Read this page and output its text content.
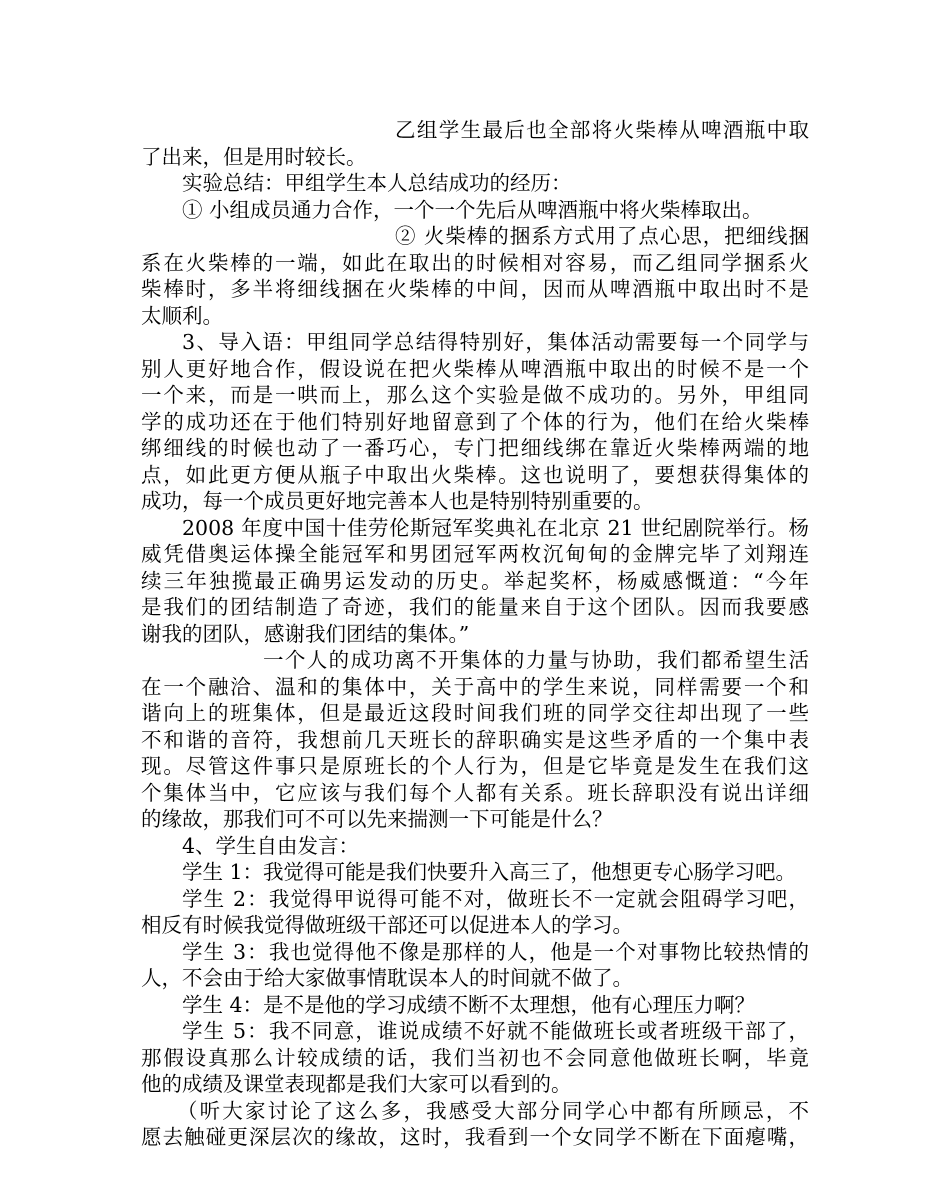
乙组学生最后也全部将火柴棒从啤酒瓶中取
了出来，但是用时较长。
实验总结：甲组学生本人总结成功的经历：
① 小组成员通力合作，一个一个先后从啤酒瓶中将火柴棒取出。
② 火柴棒的捆系方式用了点心思，把细线捆
系在火柴棒的一端，如此在取出的时候相对容易，而乙组同学捆系火
柴棒时，多半将细线捆在火柴棒的中间，因而从啤酒瓶中取出时不是
太顺利。
3、导入语：甲组同学总结得特别好，集体活动需要每一个同学与
别人更好地合作，假设说在把火柴棒从啤酒瓶中取出的时候不是一个
一个来，而是一哄而上，那么这个实验是做不成功的。另外，甲组同
学的成功还在于他们特别好地留意到了个体的行为，他们在给火柴棒
绑细线的时候也动了一番巧心，专门把细线绑在靠近火柴棒两端的地
点，如此更方便从瓶子中取出火柴棒。这也说明了，要想获得集体的
成功，每一个成员更好地完善本人也是特别特别重要的。
2008 年度中国十佳劳伦斯冠军奖典礼在北京 21 世纪剧院举行。杨
威凭借奥运体操全能冠军和男团冠军两枚沉甸甸的金牌完毕了刘翔连
续三年独揽最正确男运发动的历史。举起奖杯，杨威感慨道：“今年
是我们的团结制造了奇迹，我们的能量来自于这个团队。因而我要感
谢我的团队，感谢我们团结的集体。”
一个人的成功离不开集体的力量与协助，我们都希望生活
在一个融洽、温和的集体中，关于高中的学生来说，同样需要一个和
谐向上的班集体，但是最近这段时间我们班的同学交往却出现了一些
不和谐的音符，我想前几天班长的辞职确实是这些矛盾的一个集中表
现。尽管这件事只是原班长的个人行为，但是它毕竟是发生在我们这
个集体当中，它应该与我们每个人都有关系。班长辞职没有说出详细
的缘故，那我们可不可以先来揣测一下可能是什么？
4、学生自由发言：
学生 1：我觉得可能是我们快要升入高三了，他想更专心肠学习吧。
学生 2：我觉得甲说得可能不对，做班长不一定就会阻碍学习吧，
相反有时候我觉得做班级干部还可以促进本人的学习。
学生 3：我也觉得他不像是那样的人，他是一个对事物比较热情的
人，不会由于给大家做事情耽误本人的时间就不做了。
学生 4：是不是他的学习成绩不断不太理想，他有心理压力啊？
学生 5：我不同意，谁说成绩不好就不能做班长或者班级干部了，
那假设真那么计较成绩的话，我们当初也不会同意他做班长啊，毕竟
他的成绩及课堂表现都是我们大家可以看到的。
（听大家讨论了这么多，我感受大部分同学心中都有所顾忌，不
愿去触碰更深层次的缘故，这时，我看到一个女同学不断在下面瘪嘴，
